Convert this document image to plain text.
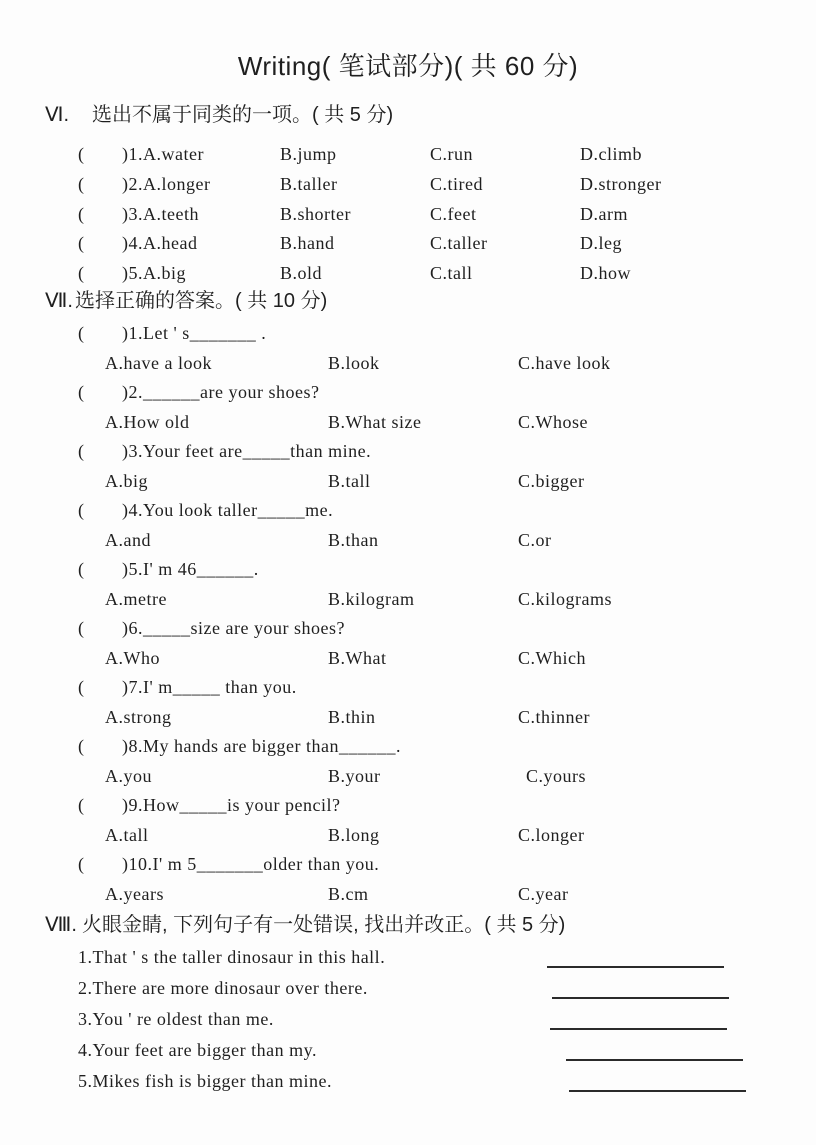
Writing( 笔试部分)( 共 60 分)
Ⅵ. 选出不属于同类的一项。( 共 5 分)
( )1.A.water	B.jump	C.run	D.climb
( )2.A.longer	B.taller	C.tired	D.stronger
( )3.A.teeth	B.shorter	C.feet	D.arm
( )4.A.head	B.hand	C.taller	D.leg
( )5.A.big	B.old	C.tall	D.how
Ⅶ. 选择正确的答案。( 共 10 分)
( )1.Let ' s_______ .
A.have a look	B.look	C.have look
( )2.______are your shoes?
A.How old	B.What size	C.Whose
( )3.Your feet are_____than mine.
A.big	B.tall	C.bigger
( )4.You look taller_____me.
A.and	B.than	C.or
( )5.I' m 46______.
A.metre	B.kilogram	C.kilograms
( )6._____size are your shoes?
A.Who	B.What	C.Which
( )7.I' m_____ than you.
A.strong	B.thin	C.thinner
( )8.My hands are bigger than______.
A.you	B.your	C.yours
( )9.How_____is your pencil?
A.tall	B.long	C.longer
( )10.I' m 5_______older than you.
A.years	B.cm	C.year
Ⅷ. 火眼金睛, 下列句子有一处错误, 找出并改正。( 共 5 分)
1.That ' s the taller dinosaur in this hall.
2.There are more dinosaur over there.
3.You ' re oldest than me.
4.Your feet are bigger than my.
5.Mikes fish is bigger than mine.
